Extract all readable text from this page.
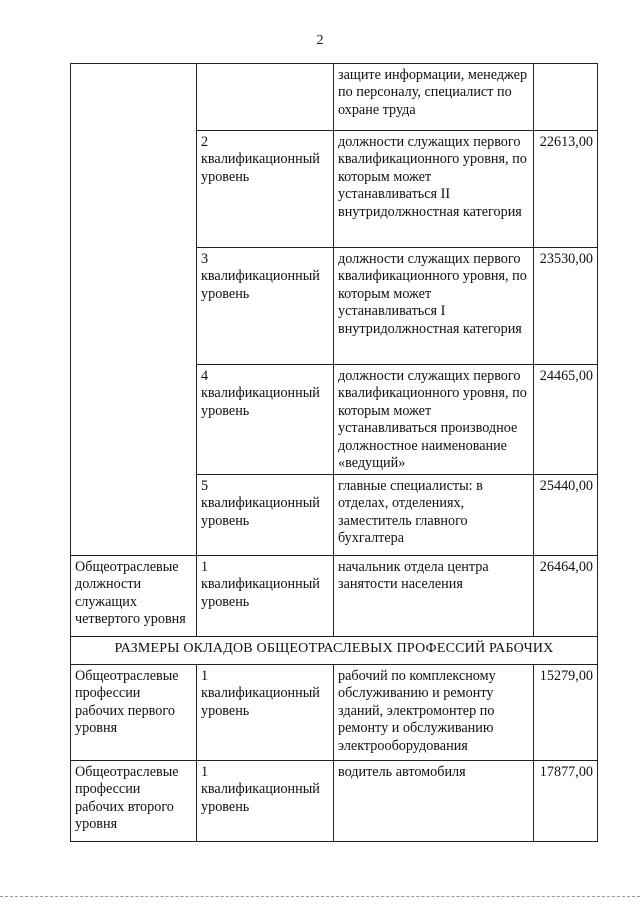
2
		защите информации, менеджер по персоналу, специалист по охране труда	
	2 квалификационный уровень	должности служащих первого квалификационного уровня, по которым может устанавливаться II внутридолжностная категория	22613,00
	3 квалификационный уровень	должности служащих первого квалификационного уровня, по которым может устанавливаться I внутридолжностная категория	23530,00
	4 квалификационный уровень	должности служащих первого квалификационного уровня, по которым может устанавливаться производное должностное наименование «ведущий»	24465,00
	5 квалификационный уровень	главные специалисты: в отделах, отделениях, заместитель главного бухгалтера	25440,00
Общеотраслевые должности служащих четвертого уровня	1 квалификационный уровень	начальник отдела центра занятости населения	26464,00
РАЗМЕРЫ ОКЛАДОВ ОБЩЕОТРАСЛЕВЫХ ПРОФЕССИЙ РАБОЧИХ			
Общеотраслевые профессии рабочих первого уровня	1 квалификационный уровень	рабочий по комплексному обслуживанию и ремонту зданий, электромонтер по ремонту и обслуживанию электрооборудования	15279,00
Общеотраслевые профессии рабочих второго уровня	1 квалификационный уровень	водитель автомобиля	17877,00
